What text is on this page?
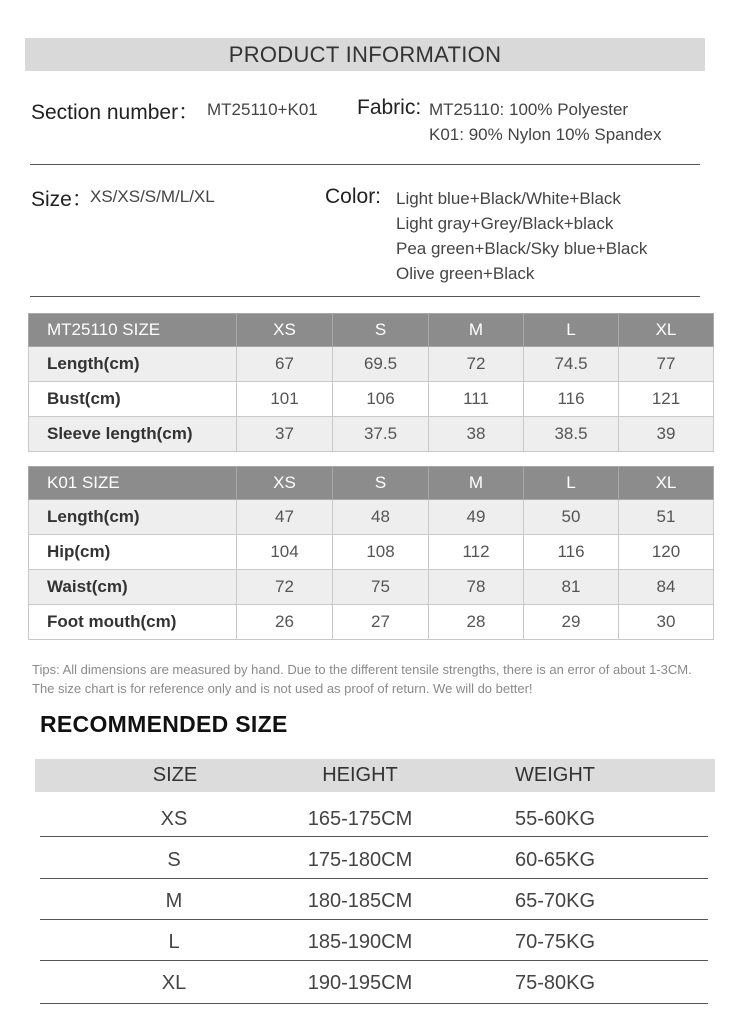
PRODUCT INFORMATION
Section number： MT25110+K01 Fabric: MT25110: 100% Polyester
K01: 90% Nylon 10% Spandex
Size：
XS/XS/S/M/L/XL	Color: Light blue+Black/White+Black
Light gray+Grey/Black+black
Pea green+Black/Sky blue+Black
Olive green+Black
MT25110 SIZE	XS	S	M	L	XL
Length(cm)	67	69.5	72	74.5	77
Bust(cm)	101	106	111	116	121
Sleeve length(cm)	37	37.5	38	38.5	39
K01 SIZE	XS	S	M	L	XL
Length(cm)	47	48	49	50	51
Hip(cm)	104	108	112	116	120
Waist(cm)	72	75	78	81	84
Foot mouth(cm)	26	27	28	29	30
Tips: All dimensions are measured by hand. Due to the different tensile strengths, there is an error of about 1-3CM. The size chart is for reference only and is not used as proof of return. We will do better!
RECOMMENDED SIZE
SIZE	HEIGHT	WEIGHT
XS	165-175CM	55-60KG
S	175-180CM	60-65KG
M	180-185CM	65-70KG
L	185-190CM	70-75KG
XL	190-195CM	75-80KG
